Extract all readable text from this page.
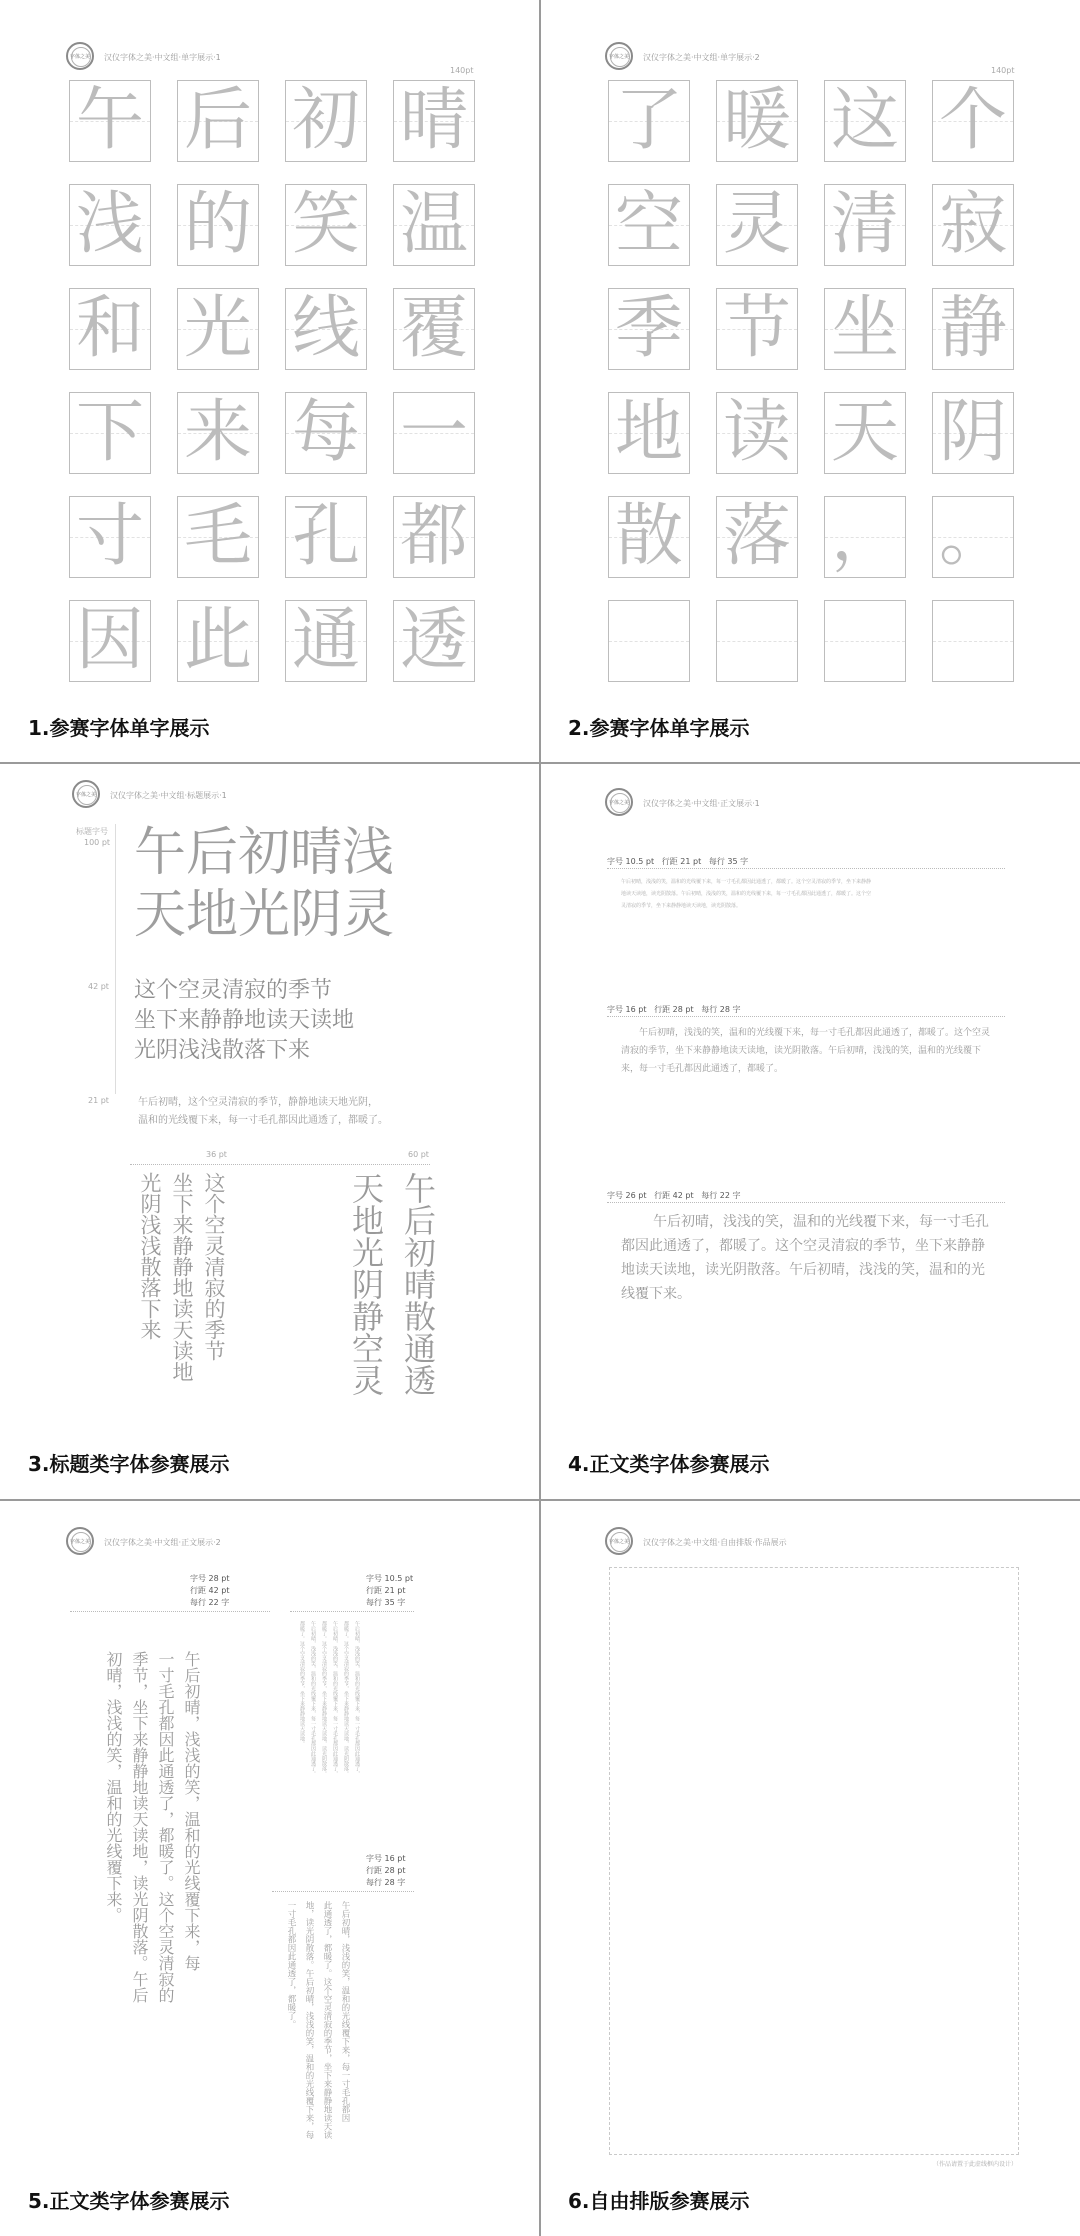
字体之美 汉仪字体之美·中文组·单字展示·1
140pt
午 后 初 晴
浅 的 笑 温
和 光 线 覆
下 来 每 一
寸 毛 孔 都
因 此 通 透
1.参赛字体单字展示
字体之美 汉仪字体之美·中文组·单字展示·2
140pt
了 暖 这 个
空 灵 清 寂
季 节 坐 静
地 读 天 阴
散 落 ， 。
2.参赛字体单字展示
字体之美 汉仪字体之美·中文组·标题展示·1
标题字号
100 pt 午后初晴浅
天地光阴灵
42 pt 这个空灵清寂的季节
坐下来静静地读天读地
光阴浅浅散落下来
21 pt	午后初晴，这个空灵清寂的季节，静静地读天地光阴，
温和的光线覆下来，每一寸毛孔都因此通透了，都暖了。
36 pt	60 pt
这个空灵清寂的季节
坐下来静静地读天读地
光阴浅浅散落下来	午后初晴散通透
天地光阴静空灵
3.标题类字体参赛展示
字体之美 汉仪字体之美·中文组·正文展示·1
字号 10.5 pt 行距 21 pt 每行 35 字
午后初晴，浅浅的笑，温和的光线覆下来，每一寸毛孔都因此通透了，都暖了。这个空灵清寂的季节，坐下来静静地读天读地，读光阴散落。午后初晴，浅浅的笑，温和的光线覆下来，每一寸毛孔都因此通透了，都暖了。这个空灵清寂的季节，坐下来静静地读天读地，读光阴散落。
字号 16 pt 行距 28 pt 每行 28 字
午后初晴，浅浅的笑，温和的光线覆下来，每一寸毛孔都因此通透了，都暖了。这个空灵清寂的季节，坐下来静静地读天读地，读光阴散落。午后初晴，浅浅的笑，温和的光线覆下来，每一寸毛孔都因此通透了，都暖了。
字号 26 pt 行距 42 pt 每行 22 字
午后初晴，浅浅的笑，温和的光线覆下来，每一寸毛孔都因此通透了，都暖了。这个空灵清寂的季节，坐下来静静地读天读地，读光阴散落。午后初晴，浅浅的笑，温和的光线覆下来。
4.正文类字体参赛展示
字体之美 汉仪字体之美·中文组·正文展示·2
字号 28 pt
行距 42 pt
每行 22 字
午后初晴，浅浅的笑，温和的光线覆下来，每
一寸毛孔都因此通透了，都暖了。这个空灵清寂的
季节，坐下来静静地读天读地，读光阴散落。午后
初晴，浅浅的笑，温和的光线覆下来。
字号 10.5 pt
行距 21 pt
每行 35 字
午后初晴，浅浅的笑，温和的光线覆下来，每一寸毛孔都因此通透了，
都暖了。这个空灵清寂的季节，坐下来静静地读天读地，读光阴散落。
午后初晴，浅浅的笑，温和的光线覆下来，每一寸毛孔都因此通透了，
都暖了。这个空灵清寂的季节，坐下来静静地读天读地，读光阴散落。
午后初晴，浅浅的笑，温和的光线覆下来，每一寸毛孔都因此通透了。
都暖了。这个空灵清寂的季节，坐下来静静地读天读地。
字号 16 pt
行距 28 pt
每行 28 字
午后初晴，浅浅的笑，温和的光线覆下来，每一寸毛孔都因
此通透了，都暖了。这个空灵清寂的季节，坐下来静静地读天读
地，读光阴散落。午后初晴，浅浅的笑，温和的光线覆下来，每
一寸毛孔都因此通透了，都暖了。
5.正文类字体参赛展示
字体之美 汉仪字体之美·中文组·自由排版·作品展示
（作品请置于此虚线框内设计）
6.自由排版参赛展示
